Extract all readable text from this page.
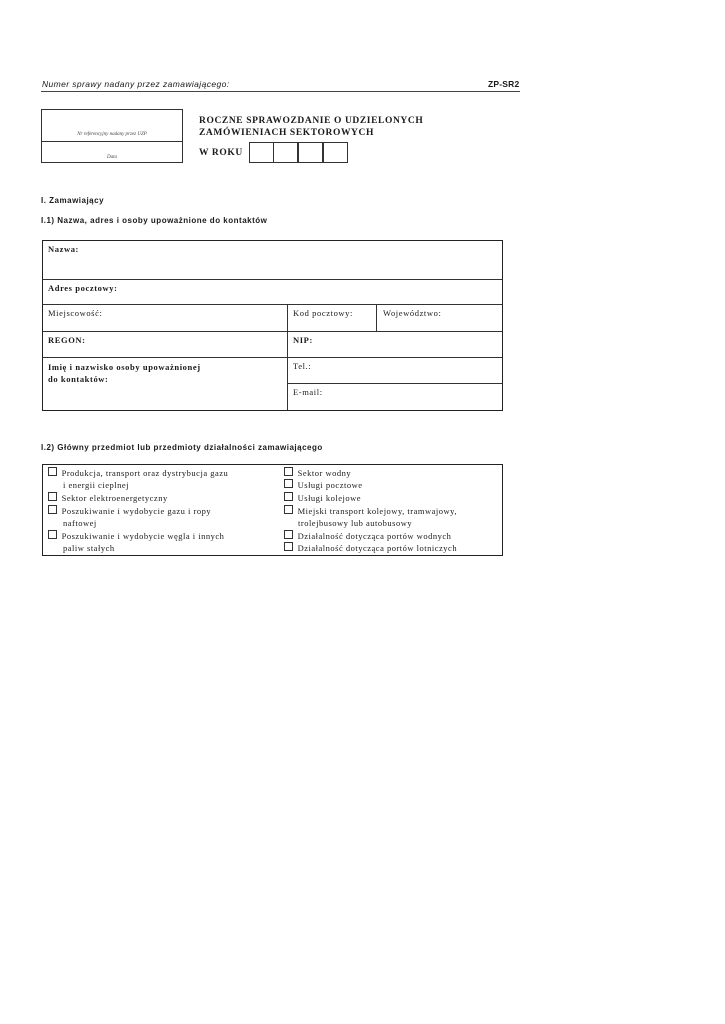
Numer sprawy nadany przez zamawiającego:	ZP-SR2
Nr referencyjny nadany przez UZP
Data
ROCZNE SPRAWOZDANIE O UDZIELONYCH
ZAMÓWIENIACH SEKTOROWYCH
W ROKU
I. Zamawiający
I.1) Nazwa, adres i osoby upoważnione do kontaktów
Nazwa:
Adres pocztowy:
Miejscowość:	Kod pocztowy:	Województwo:
REGON:	NIP:
Imię i nazwisko osoby upoważnionej
do kontaktów:
Tel.:
E-mail:
I.2) Główny przedmiot lub przedmioty działalności zamawiającego
Produkcja, transport oraz dystrybucja gazu
i energii cieplnej
Sektor elektroenergetyczny
Poszukiwanie i wydobycie gazu i ropy
naftowej
Poszukiwanie i wydobycie węgla i innych
paliw stałych
Sektor wodny
Usługi pocztowe
Usługi kolejowe
Miejski transport kolejowy, tramwajowy,
trolejbusowy lub autobusowy
Działalność dotycząca portów wodnych
Działalność dotycząca portów lotniczych
